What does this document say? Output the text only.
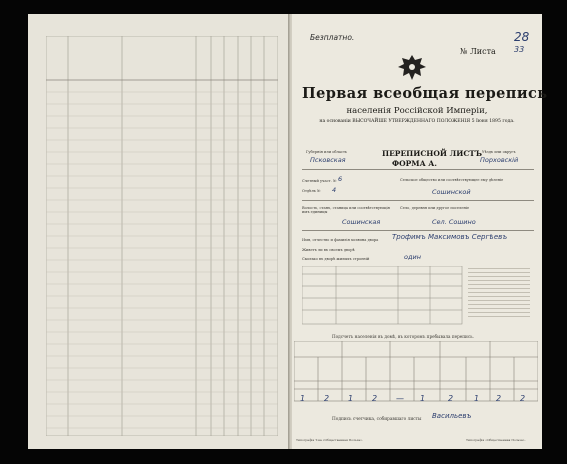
Безплатно.
№ Листа 33
28
Первая всеобщая перепись
населенія Россійской Имперіи,
на основаніи ВЫСОЧАЙШЕ УТВЕРЖДЕННАГО ПОЛОЖЕНІЯ 5 Іюня 1895 года.
Губернія или область
Псковская
ПЕРЕПИСНОЙ ЛИСТЪ
ФОРМА А.
Уѣздъ или округъ
Порховскій
Счетный участ. № 6
Отдѣлъ № 4
Сельское общество или соотвѣтствующее ему дѣленіе
Сошинской
Волость, станъ, станица или соотвѣтствующія имъ единицы
Сошинская
Село, деревня или другое поселеніе
Сел. Сошино
Имя, отчество и фамилія хозяина двора Трофимъ Максимовъ Сергѣевъ
Живетъ ли въ своемъ дворѣ
Сколько въ дворѣ жилыхъ строеній	один
Подсчетъ населенія въ домѣ, въ которомъ пребывала перепись.
1 2 1 2 — 1	2	1 2 2
Подпись счетчика, собиравшаго листы Васильевъ
Типографія Т-ва «Общественная Польза».	Типографія «Общественная Польза».
